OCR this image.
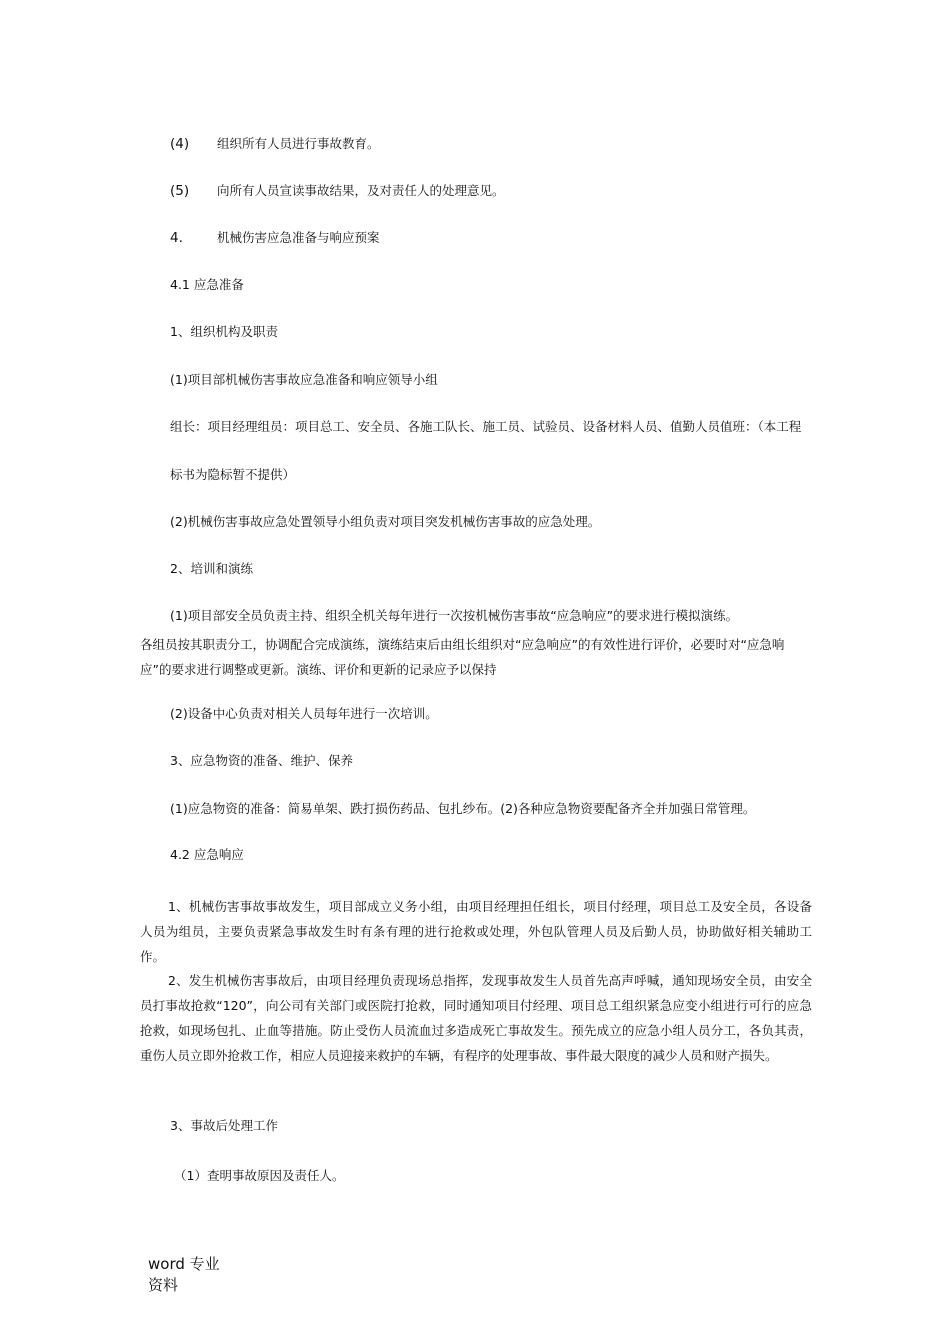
(4) 组织所有人员进行事故教育。
(5) 向所有人员宣读事故结果，及对责任人的处理意见。
4.	机械伤害应急准备与响应预案
4.1 应急准备
1、组织机构及职责
(1)项目部机械伤害事故应急准备和响应领导小组
组长：项目经理组员：项目总工、安全员、各施工队长、施工员、试验员、设备材料人员、值勤人员值班：（本工程
标书为隐标暂不提供）
(2)机械伤害事故应急处置领导小组负责对项目突发机械伤害事故的应急处理。
2、培训和演练
(1)项目部安全员负责主持、组织全机关每年进行一次按机械伤害事故“应急响应”的要求进行模拟演练。
各组员按其职责分工，协调配合完成演练，演练结束后由组长组织对“应急响应”的有效性进行评价，必要时对“应急响
应”的要求进行调整或更新。演练、评价和更新的记录应予以保持
(2)设备中心负责对相关人员每年进行一次培训。
3、应急物资的准备、维护、保养
(1)应急物资的准备：简易单架、跌打损伤药品、包扎纱布。(2)各种应急物资要配备齐全并加强日常管理。
4.2 应急响应
1、机械伤害事故事故发生，项目部成立义务小组，由项目经理担任组长，项目付经理，项目总工及安全员，各设备人员为组员，主要负责紧急事故发生时有条有理的进行抢救或处理，外包队管理人员及后勤人员，协助做好相关辅助工作。
2、发生机械伤害事故后，由项目经理负责现场总指挥，发现事故发生人员首先高声呼喊，通知现场安全员，由安全员打事故抢救“120”，向公司有关部门或医院打抢救，同时通知项目付经理、项目总工组织紧急应变小组进行可行的应急抢救，如现场包扎、止血等措施。防止受伤人员流血过多造成死亡事故发生。预先成立的应急小组人员分工，各负其责，重伤人员立即外抢救工作，相应人员迎接来救护的车辆，有程序的处理事故、事件最大限度的减少人员和财产损失。
3、事故后处理工作
（1）查明事故原因及责任人。
word 专业
资料
